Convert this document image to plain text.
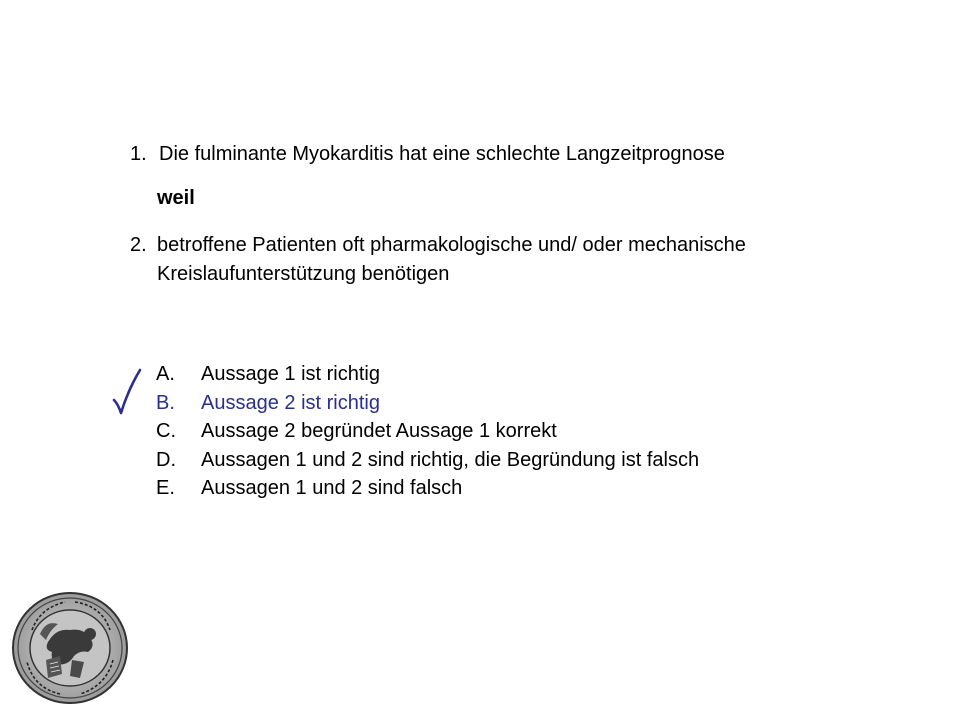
1. Die fulminante Myokarditis hat eine schlechte Langzeitprognose
weil
2. betroffene Patienten oft pharmakologische und/ oder mechanische
Kreislaufunterstützung benötigen
A. Aussage 1 ist richtig
B. Aussage 2 ist richtig
C. Aussage 2 begründet Aussage 1 korrekt
D. Aussagen 1 und 2 sind richtig, die Begründung ist falsch
E. Aussagen 1 und 2 sind falsch
